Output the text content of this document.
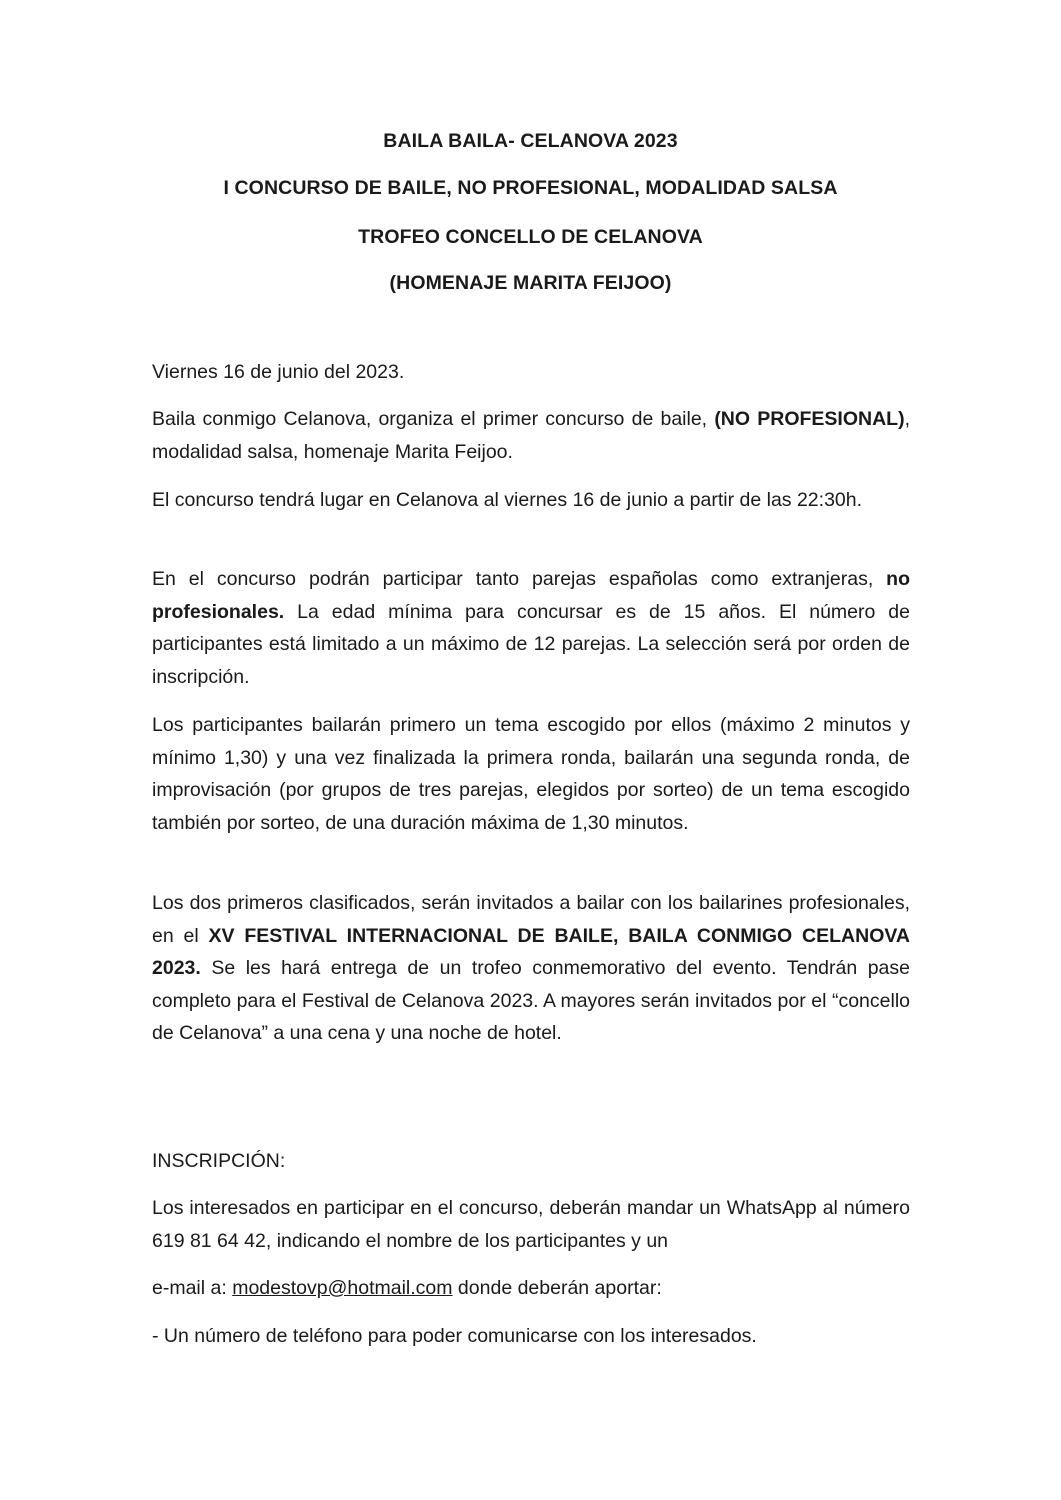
BAILA BAILA- CELANOVA 2023
I CONCURSO DE BAILE, NO PROFESIONAL, MODALIDAD SALSA
TROFEO CONCELLO DE CELANOVA
(HOMENAJE MARITA FEIJOO)

Viernes 16 de junio del 2023.

Baila conmigo Celanova, organiza el primer concurso de baile, (NO PROFESIONAL), modalidad salsa, homenaje Marita Feijoo.

El concurso tendrá lugar en Celanova al viernes 16 de junio a partir de las 22:30h.

En el concurso podrán participar tanto parejas españolas como extranjeras, no profesionales. La edad mínima para concursar es de 15 años. El número de participantes está limitado a un máximo de 12 parejas. La selección será por orden de inscripción.

Los participantes bailarán primero un tema escogido por ellos (máximo 2 minutos y mínimo 1,30) y una vez finalizada la primera ronda, bailarán una segunda ronda, de improvisación (por grupos de tres parejas, elegidos por sorteo) de un tema escogido también por sorteo, de una duración máxima de 1,30 minutos.

Los dos primeros clasificados, serán invitados a bailar con los bailarines profesionales, en el XV FESTIVAL INTERNACIONAL DE BAILE, BAILA CONMIGO CELANOVA 2023. Se les hará entrega de un trofeo conmemorativo del evento. Tendrán pase completo para el Festival de Celanova 2023. A mayores serán invitados por el “concello de Celanova” a una cena y una noche de hotel.

INSCRIPCIÓN:

Los interesados en participar en el concurso, deberán mandar un WhatsApp al número 619 81 64 42, indicando el nombre de los participantes y un

e-mail a: modestovp@hotmail.com donde deberán aportar:

- Un número de teléfono para poder comunicarse con los interesados.
